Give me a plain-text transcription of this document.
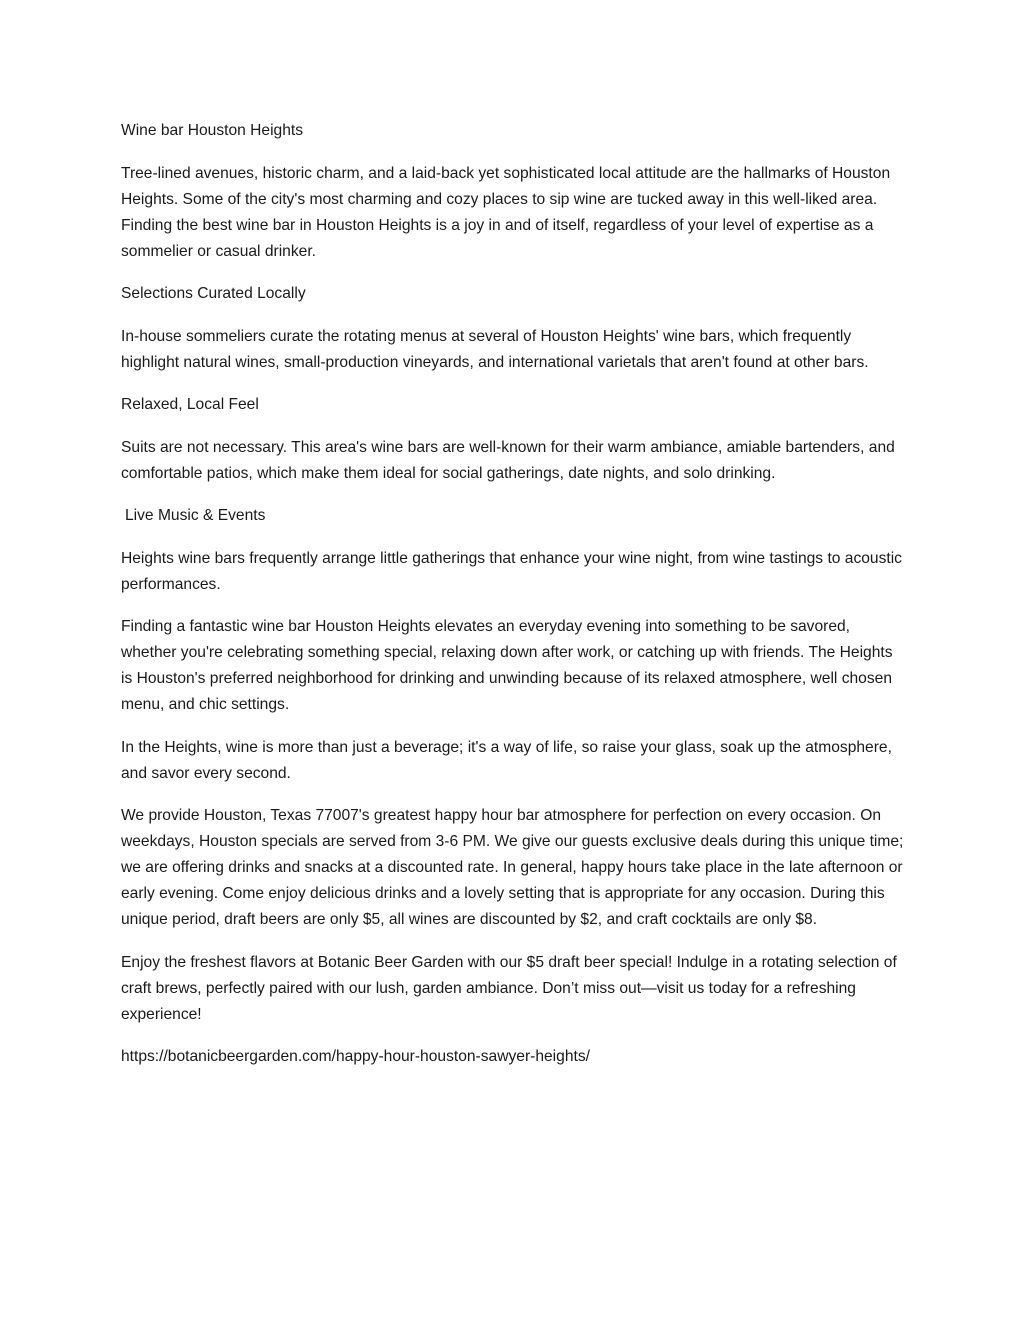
Wine bar Houston Heights

Tree-lined avenues, historic charm, and a laid-back yet sophisticated local attitude are the hallmarks of Houston Heights. Some of the city's most charming and cozy places to sip wine are tucked away in this well-liked area. Finding the best wine bar in Houston Heights is a joy in and of itself, regardless of your level of expertise as a sommelier or casual drinker.

Selections Curated Locally

In-house sommeliers curate the rotating menus at several of Houston Heights' wine bars, which frequently highlight natural wines, small-production vineyards, and international varietals that aren't found at other bars.

Relaxed, Local Feel

Suits are not necessary. This area's wine bars are well-known for their warm ambiance, amiable bartenders, and comfortable patios, which make them ideal for social gatherings, date nights, and solo drinking.

Live Music & Events

Heights wine bars frequently arrange little gatherings that enhance your wine night, from wine tastings to acoustic performances.

Finding a fantastic wine bar Houston Heights elevates an everyday evening into something to be savored, whether you're celebrating something special, relaxing down after work, or catching up with friends. The Heights is Houston's preferred neighborhood for drinking and unwinding because of its relaxed atmosphere, well chosen menu, and chic settings.

In the Heights, wine is more than just a beverage; it's a way of life, so raise your glass, soak up the atmosphere, and savor every second.

We provide Houston, Texas 77007's greatest happy hour bar atmosphere for perfection on every occasion. On weekdays, Houston specials are served from 3-6 PM. We give our guests exclusive deals during this unique time; we are offering drinks and snacks at a discounted rate. In general, happy hours take place in the late afternoon or early evening. Come enjoy delicious drinks and a lovely setting that is appropriate for any occasion. During this unique period, draft beers are only $5, all wines are discounted by $2, and craft cocktails are only $8.

Enjoy the freshest flavors at Botanic Beer Garden with our $5 draft beer special! Indulge in a rotating selection of craft brews, perfectly paired with our lush, garden ambiance. Don’t miss out—visit us today for a refreshing experience!

https://botanicbeergarden.com/happy-hour-houston-sawyer-heights/
